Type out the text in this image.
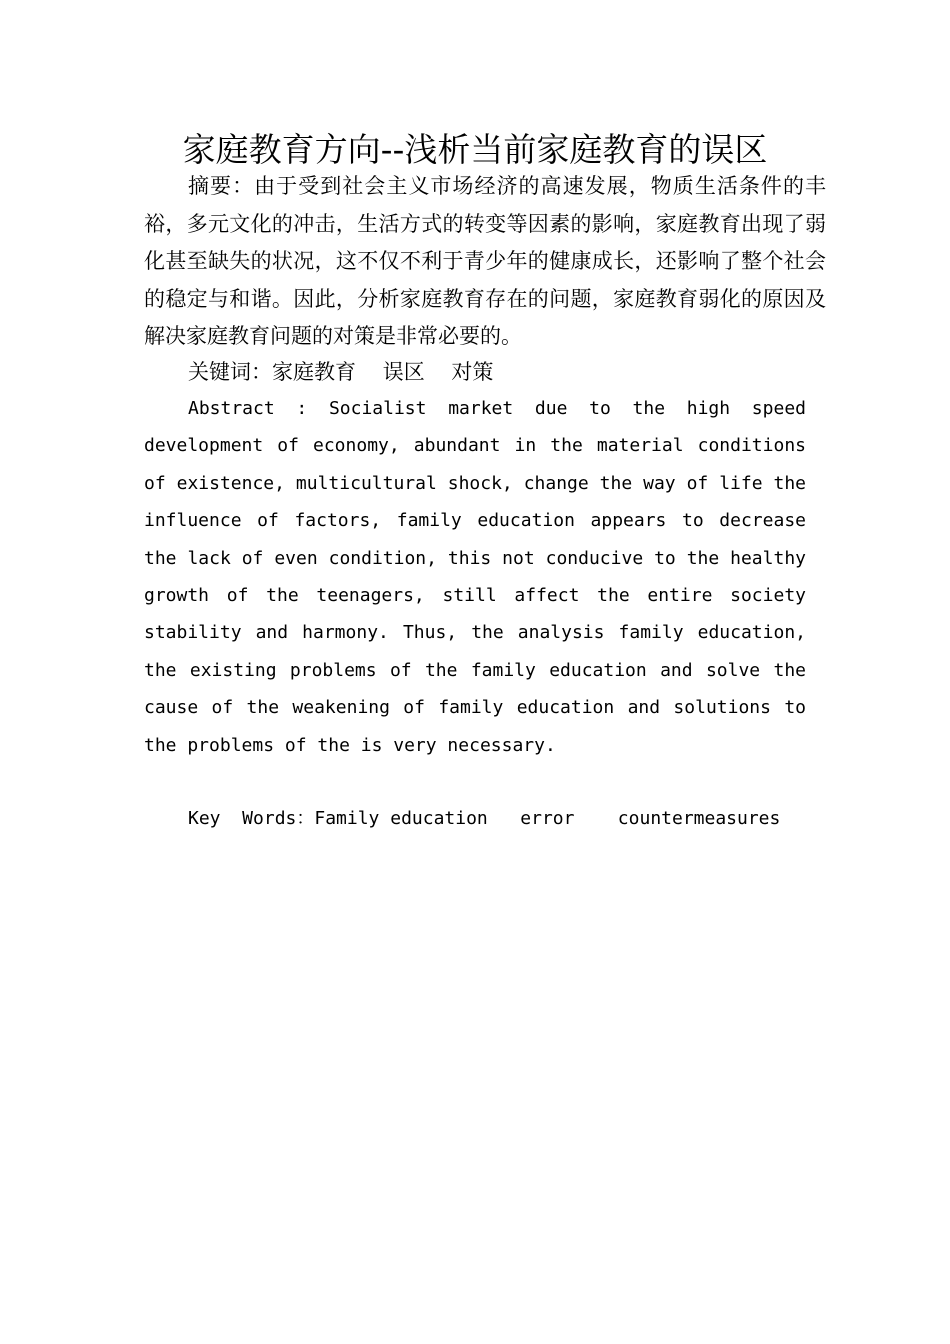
家庭教育方向--浅析当前家庭教育的误区
摘要：由于受到社会主义市场经济的高速发展，物质生活条件的丰裕，多元文化的冲击，生活方式的转变等因素的影响，家庭教育出现了弱化甚至缺失的状况，这不仅不利于青少年的健康成长，还影响了整个社会的稳定与和谐。因此，分析家庭教育存在的问题，家庭教育弱化的原因及解决家庭教育问题的对策是非常必要的。
关键词：家庭教育    误区    对策
Abstract : Socialist market due to the high speed development of economy, abundant in the material conditions of existence, multicultural shock, change the way of life the influence of factors, family education appears to decrease the lack of even condition, this not conducive to the healthy growth of the teenagers, still affect the entire society stability and harmony. Thus, the analysis family education, the existing problems of the family education and solve the cause of the weakening of family education and solutions to the problems of the is very necessary.
Key  Words：Family education   error    countermeasures
